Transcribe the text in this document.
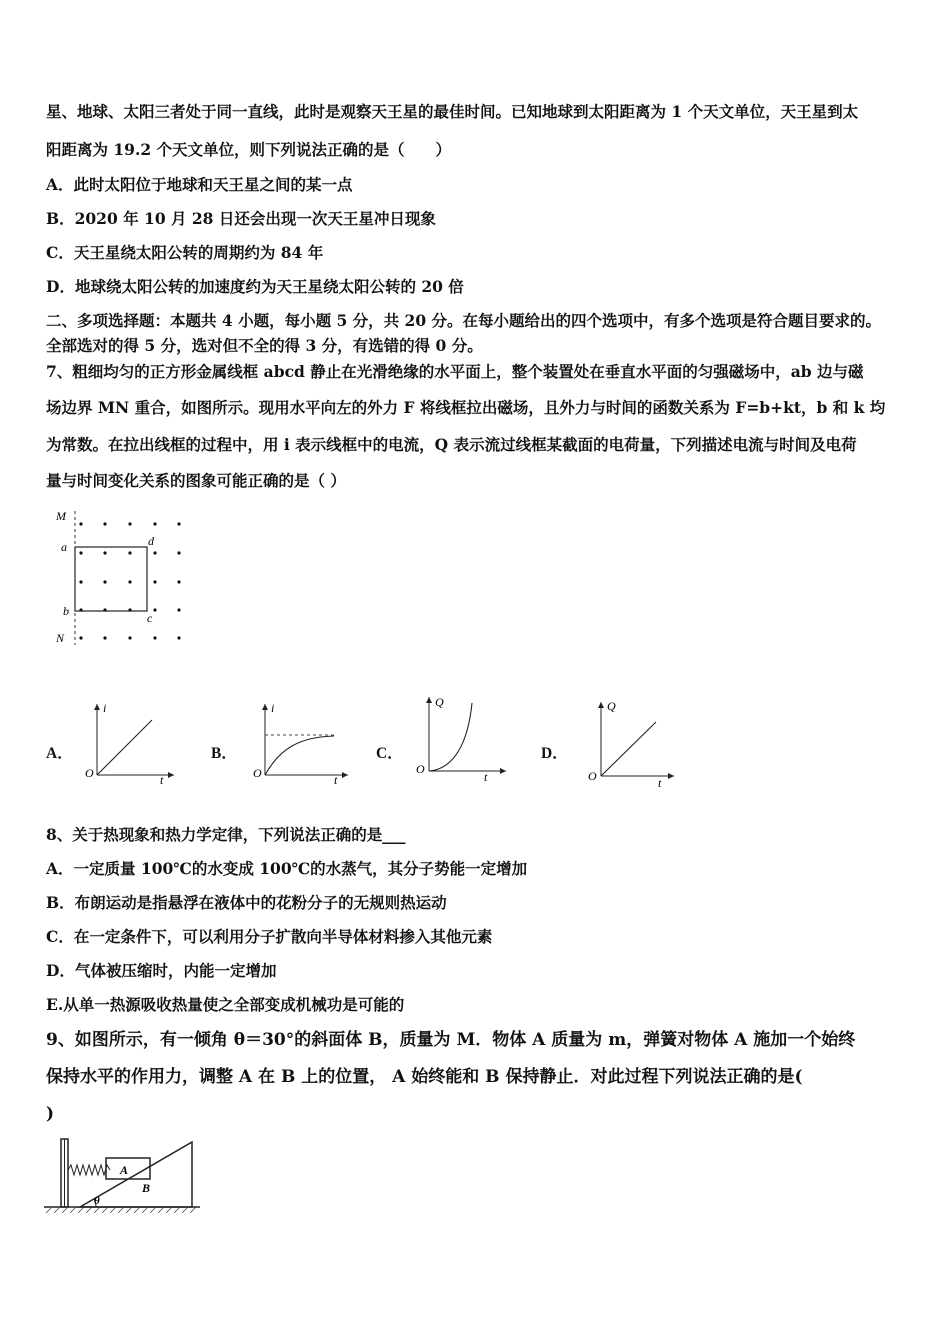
星、地球、太阳三者处于同一直线，此时是观察天王星的最佳时间。已知地球到太阳距离为 1 个天文单位，天王星到太
阳距离为 19.2 个天文单位，则下列说法正确的是（　　）
A．此时太阳位于地球和天王星之间的某一点
B．2020 年 10 月 28 日还会出现一次天王星冲日现象
C．天王星绕太阳公转的周期约为 84 年
D．地球绕太阳公转的加速度约为天王星绕太阳公转的 20 倍
二、多项选择题：本题共 4 小题，每小题 5 分，共 20 分。在每小题给出的四个选项中，有多个选项是符合题目要求的。
全部选对的得 5 分，选对但不全的得 3 分，有选错的得 0 分。
7、粗细均匀的正方形金属线框 abcd 静止在光滑绝缘的水平面上，整个装置处在垂直水平面的匀强磁场中，ab 边与磁
场边界 MN 重合，如图所示。现用水平向左的外力 F 将线框拉出磁场，且外力与时间的函数关系为 F=b+kt，b 和 k 均
为常数。在拉出线框的过程中，用 i 表示线框中的电流，Q 表示流过线框某截面的电荷量，下列描述电流与时间及电荷
量与时间变化关系的图象可能正确的是（ ）
M
a	d
b	c
N
A．
i
O	t
B．
i
O	t
C．
Q
O
t
D．
Q
O	t
8、关于热现象和热力学定律，下列说法正确的是___
A．一定质量 100℃的水变成 100℃的水蒸气，其分子势能一定增加
B．布朗运动是指悬浮在液体中的花粉分子的无规则热运动
C．在一定条件下，可以利用分子扩散向半导体材料掺入其他元素
D．气体被压缩时，内能一定增加
E.从单一热源吸收热量使之全部变成机械功是可能的
9、如图所示，有一倾角 θ＝30°的斜面体 B，质量为 M．物体 A 质量为 m，弹簧对物体 A 施加一个始终
保持水平的作用力，调整 A 在 B 上的位置， A 始终能和 B 保持静止．对此过程下列说法正确的是(
)
θ
A
B
